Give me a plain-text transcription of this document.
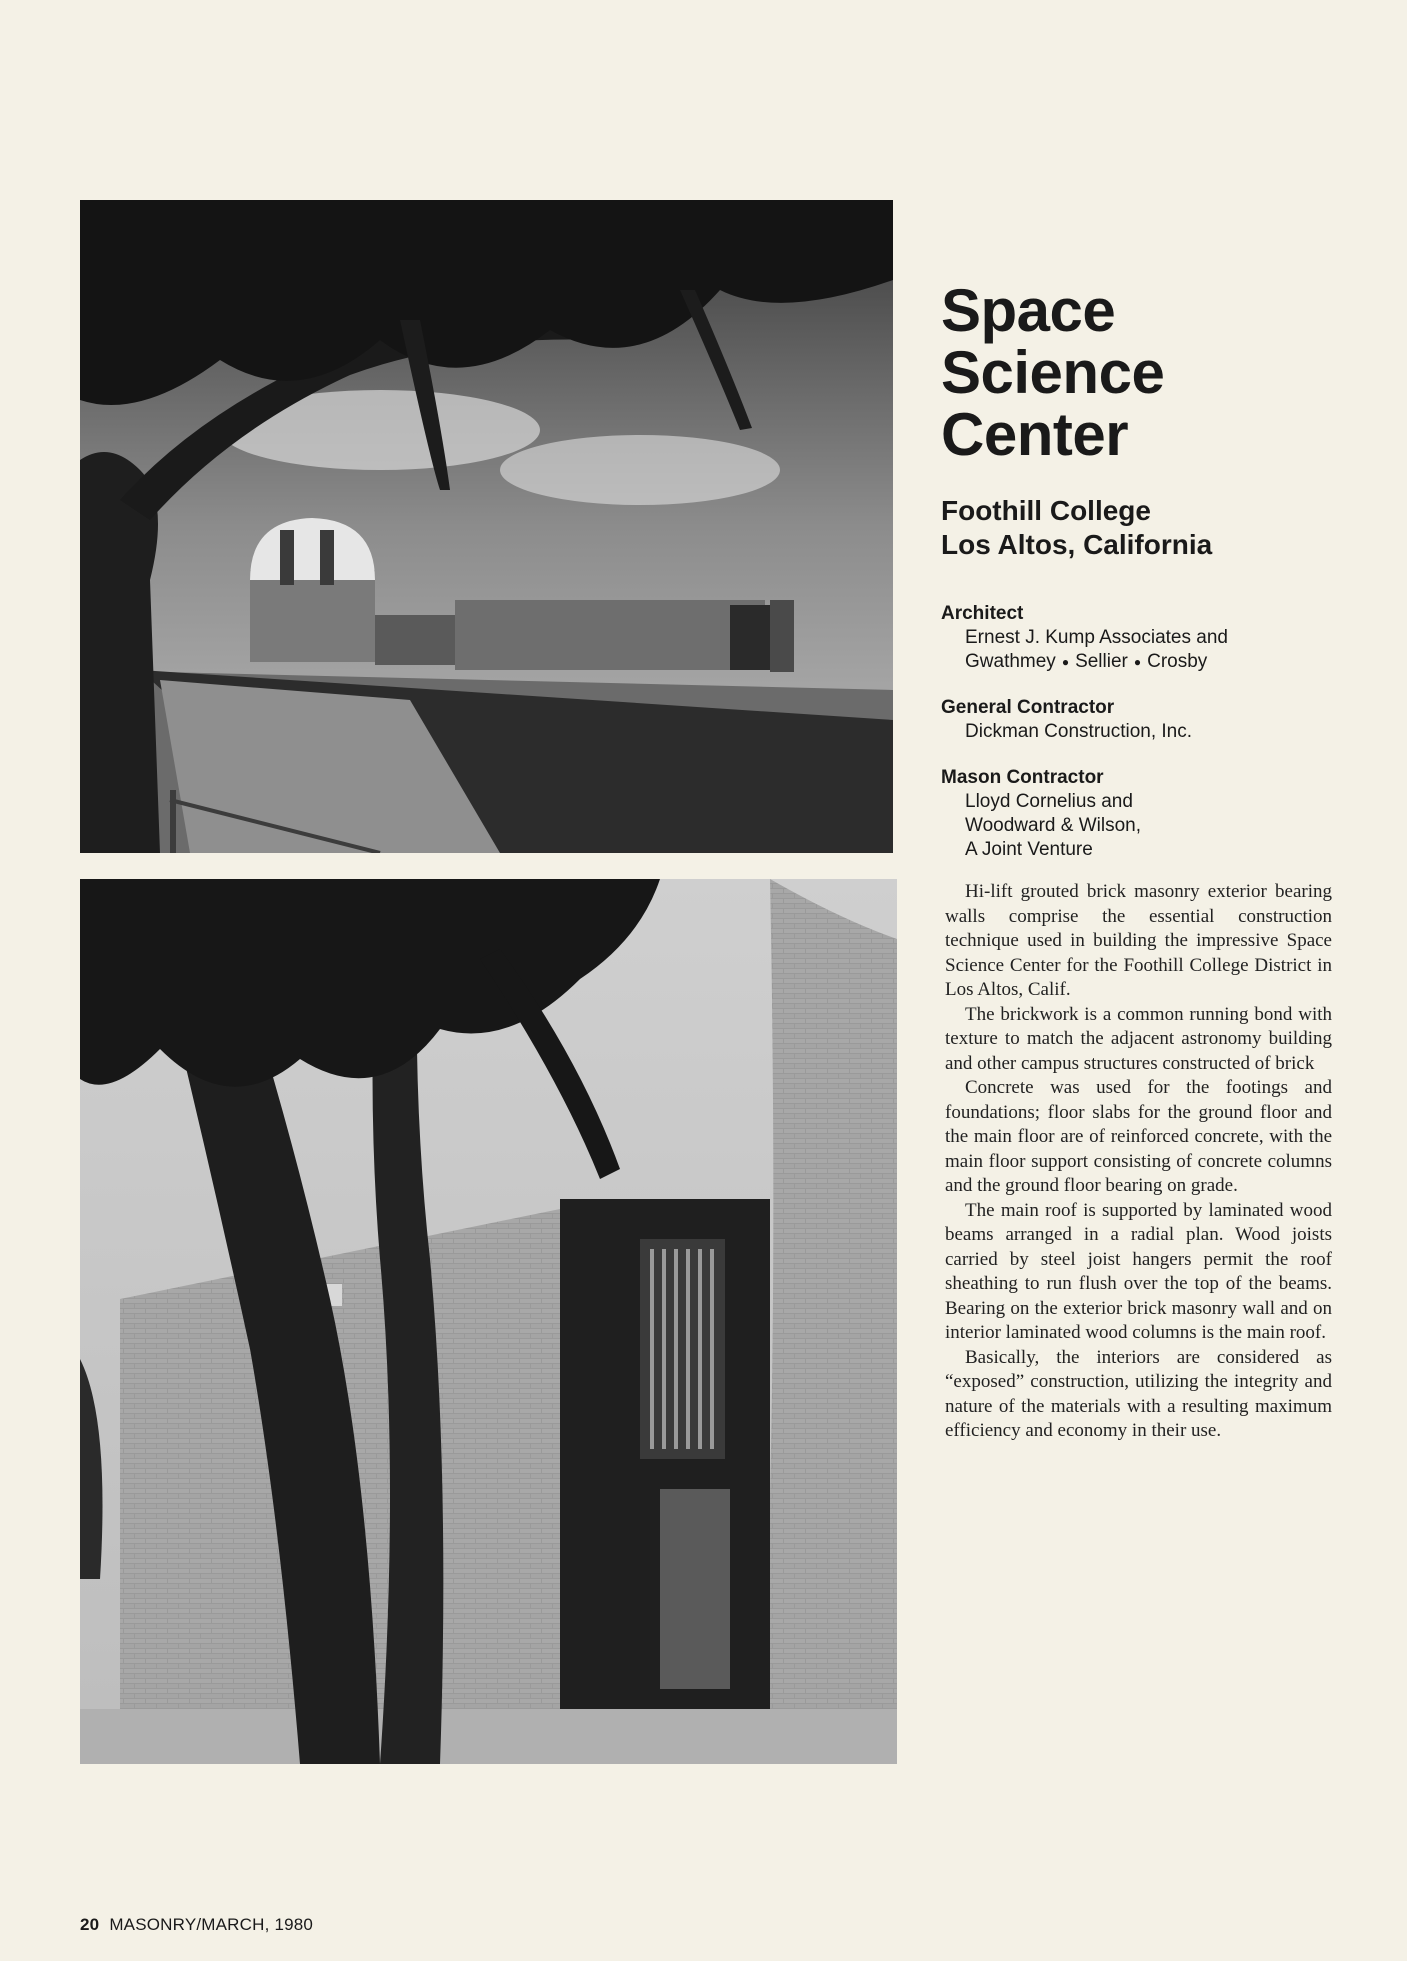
Space
Science
Center
Foothill College
Los Altos, California
Architect
Ernest J. Kump Associates and
Gwathmey ● Sellier ● Crosby
General Contractor
Dickman Construction, Inc.
Mason Contractor
Lloyd Cornelius and
Woodward & Wilson,
A Joint Venture

Hi-lift grouted brick masonry exterior bearing walls comprise the essential construction technique used in building the impressive Space Science Center for the Foothill College District in Los Altos, Calif.

The brickwork is a common running bond with texture to match the adjacent astronomy building and other campus structures constructed of brick

Concrete was used for the footings and foundations; floor slabs for the ground floor and the main floor are of reinforced concrete, with the main floor support consisting of concrete columns and the ground floor bearing on grade.

The main roof is supported by laminated wood beams arranged in a radial plan. Wood joists carried by steel joist hangers permit the roof sheathing to run flush over the top of the beams. Bearing on the exterior brick masonry wall and on interior laminated wood columns is the main roof.

Basically, the interiors are considered as “exposed” construction, utilizing the integrity and nature of the materials with a resulting maximum efficiency and economy in their use.

20 MASONRY/MARCH, 1980
